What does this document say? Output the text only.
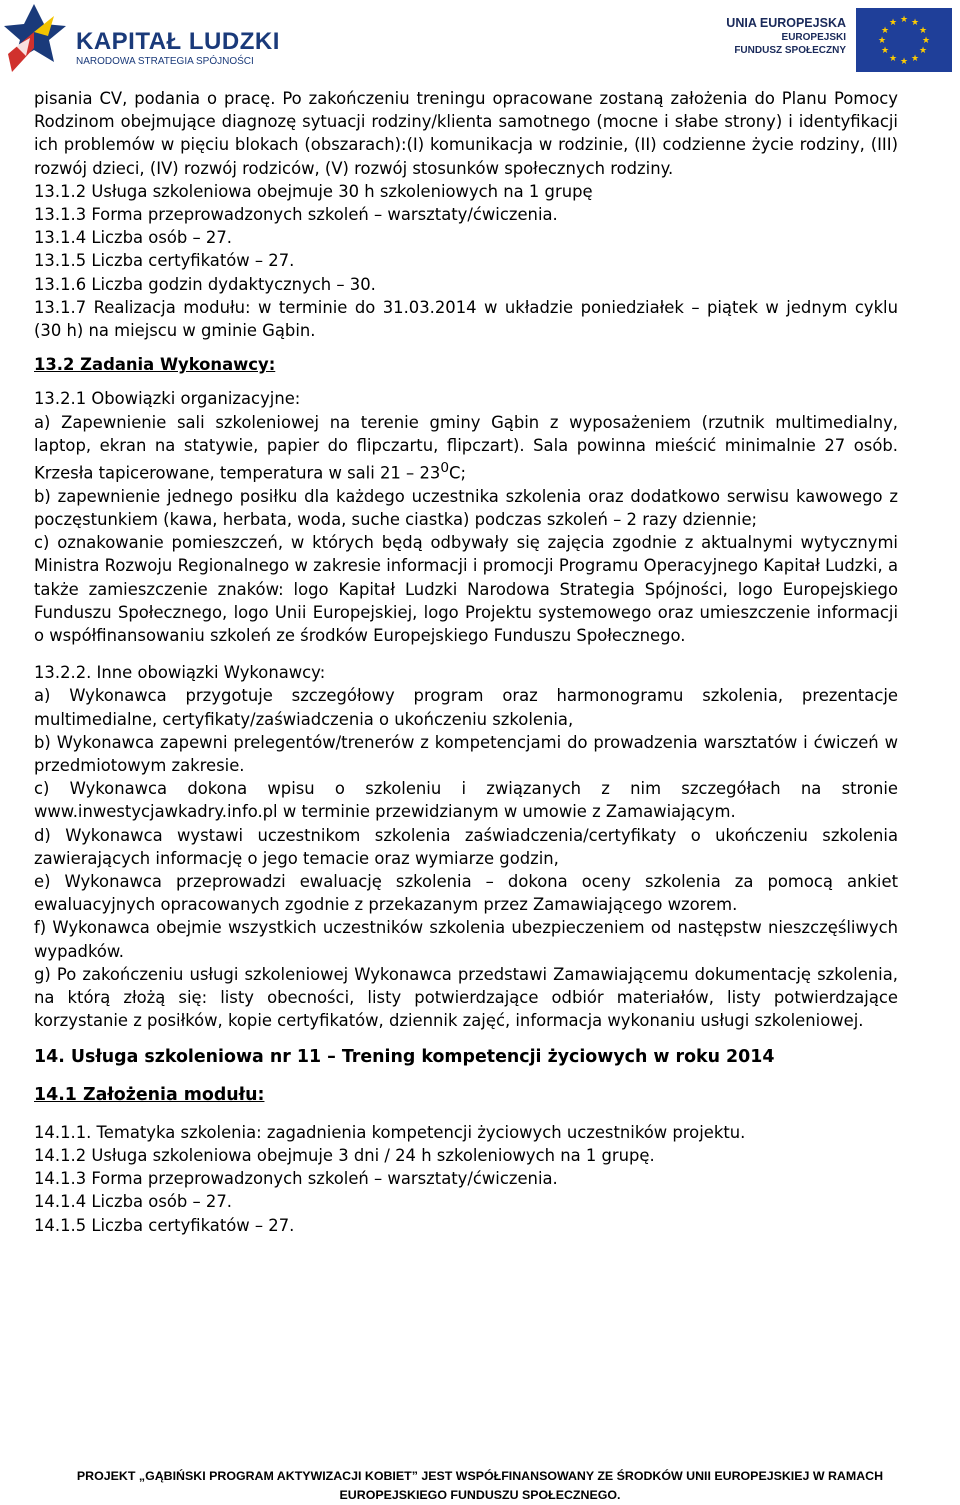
KAPITAŁ LUDZKI
NARODOWA STRATEGIA SPÓJNOŚCI
UNIA EUROPEJSKA
EUROPEJSKI
FUNDUSZ SPOŁECZNY
★ ★
★
★
★
★
★
★
★
★
★
★

pisania CV, podania o pracę. Po zakończeniu treningu opracowane zostaną założenia do Planu Pomocy Rodzinom obejmujące diagnozę sytuacji rodziny/klienta samotnego (mocne i słabe strony) i identyfikacji ich problemów w pięciu blokach (obszarach):(I) komunikacja w rodzinie, (II) codzienne życie rodziny, (III) rozwój dzieci, (IV) rozwój rodziców, (V) rozwój stosunków społecznych rodziny.

13.1.2 Usługa szkoleniowa obejmuje 30 h szkoleniowych na 1 grupę

13.1.3 Forma przeprowadzonych szkoleń – warsztaty/ćwiczenia.

13.1.4 Liczba osób – 27.

13.1.5 Liczba certyfikatów – 27.

13.1.6 Liczba godzin dydaktycznych – 30.

13.1.7 Realizacja modułu: w terminie do 31.03.2014 w układzie poniedziałek – piątek w jednym cyklu (30 h) na miejscu w gminie Gąbin.

13.2 Zadania Wykonawcy:

13.2.1 Obowiązki organizacyjne:

a) Zapewnienie sali szkoleniowej na terenie gminy Gąbin z wyposażeniem (rzutnik multimedialny, laptop, ekran na statywie, papier do flipczartu, flipczart). Sala powinna mieścić minimalnie 27 osób. Krzesła tapicerowane, temperatura w sali $21 - 23^0C$;

b) zapewnienie jednego posiłku dla każdego uczestnika szkolenia oraz dodatkowo serwisu kawowego z poczęstunkiem (kawa, herbata, woda, suche ciastka) podczas szkoleń – 2 razy dziennie;

c) oznakowanie pomieszczeń, w których będą odbywały się zajęcia zgodnie z aktualnymi wytycznymi Ministra Rozwoju Regionalnego w zakresie informacji i promocji Programu Operacyjnego Kapitał Ludzki, a także zamieszczenie znaków: logo Kapitał Ludzki Narodowa Strategia Spójności, logo Europejskiego Funduszu Społecznego, logo Unii Europejskiej, logo Projektu systemowego oraz umieszczenie informacji o współfinansowaniu szkoleń ze środków Europejskiego Funduszu Społecznego.

13.2.2. Inne obowiązki Wykonawcy:

a) Wykonawca przygotuje szczegółowy program oraz harmonogramu szkolenia, prezentacje multimedialne, certyfikaty/zaświadczenia o ukończeniu szkolenia,

b) Wykonawca zapewni prelegentów/trenerów z kompetencjami do prowadzenia warsztatów i ćwiczeń w przedmiotowym zakresie.

c) Wykonawca dokona wpisu o szkoleniu i związanych z nim szczegółach na stronie www.inwestycjawkadry.info.pl w terminie przewidzianym w umowie z Zamawiającym.

d) Wykonawca wystawi uczestnikom szkolenia zaświadczenia/certyfikaty o ukończeniu szkolenia zawierających informację o jego temacie oraz wymiarze godzin,

e) Wykonawca przeprowadzi ewaluację szkolenia – dokona oceny szkolenia za pomocą ankiet ewaluacyjnych opracowanych zgodnie z przekazanym przez Zamawiającego wzorem.

f) Wykonawca obejmie wszystkich uczestników szkolenia ubezpieczeniem od następstw nieszczęśliwych wypadków.

g) Po zakończeniu usługi szkoleniowej Wykonawca przedstawi Zamawiającemu dokumentację szkolenia, na którą złożą się: listy obecności, listy potwierdzające odbiór materiałów, listy potwierdzające korzystanie z posiłków, kopie certyfikatów, dziennik zajęć, informacja wykonaniu usługi szkoleniowej.

14. Usługa szkoleniowa nr 11 – Trening kompetencji życiowych w roku 2014

14.1 Założenia modułu:

14.1.1. Tematyka szkolenia: zagadnienia kompetencji życiowych uczestników projektu.

14.1.2 Usługa szkoleniowa obejmuje 3 dni / 24 h szkoleniowych na 1 grupę.

14.1.3 Forma przeprowadzonych szkoleń – warsztaty/ćwiczenia.

14.1.4 Liczba osób – 27.

14.1.5 Liczba certyfikatów – 27.

PROJEKT „GĄBIŃSKI PROGRAM AKTYWIZACJI KOBIET” JEST WSPÓŁFINANSOWANY ZE ŚRODKÓW UNII EUROPEJSKIEJ W RAMACH
EUROPEJSKIEGO FUNDUSZU SPOŁECZNEGO.
